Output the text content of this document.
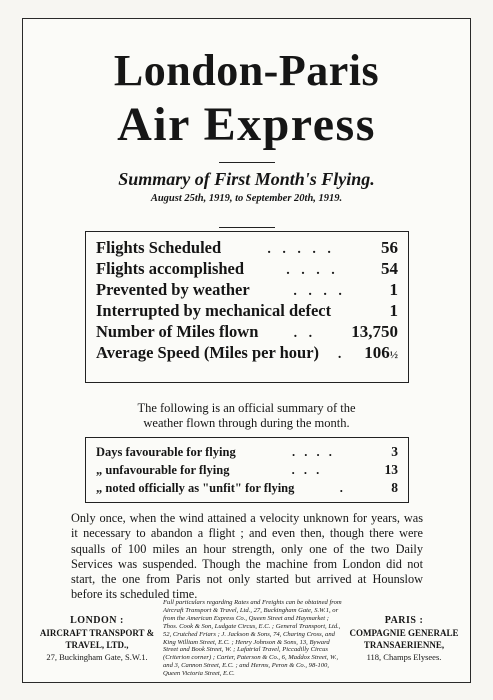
London-Paris
Air Express
Summary of First Month's Flying.
August 25th, 1919, to September 20th, 1919.
Flights Scheduled	. . . . .	56
Flights accomplished	. . . .	54
Prevented by weather	. . . .	1
Interrupted by mechanical defect	1
Number of Miles flown	. .	13,750
Average Speed (Miles per hour)	.	106½
The following is an official summary of the
weather flown through during the month.
Days favourable for flying	. . . .	3
„ unfavourable for flying	. . .	13
„ noted officially as "unfit" for flying	.	8
Only once, when the wind attained a velocity unknown for years, was it necessary to abandon a flight ; and even then, though there were squalls of 100 miles an hour strength, only one of the two Daily Services was suspended. Though the machine from London did not start, the one from Paris not only started but arrived at Hounslow before its scheduled time.
LONDON :
AIRCRAFT TRANSPORT &
TRAVEL, LTD.,
27, Buckingham Gate, S.W.1.
Full particulars regarding Rates and Freights can be obtained from Aircraft Transport & Travel, Ltd., 27, Buckingham Gate, S.W.1, or from the American Express Co., Queen Street and Haymarket ; Thos. Cook & Son, Ludgate Circus, E.C. ; General Transport, Ltd., 52, Crutched Friars ; J. Jackson & Sons, 74, Charing Cross, and King William Street, E.C. ; Henry Johnson & Sons, 13, Byward Street and Book Street, W. ; Lafatrial Travel, Piccadilly Circus (Criterion corner) ; Carter, Paterson & Co., 6, Maddox Street, W., and 3, Cannon Street, E.C. ; and Herms, Peron & Co., 98-100, Queen Victoria Street, E.C.
PARIS :
COMPAGNIE GENERALE
TRANSAERIENNE,
118, Champs Elysees.
